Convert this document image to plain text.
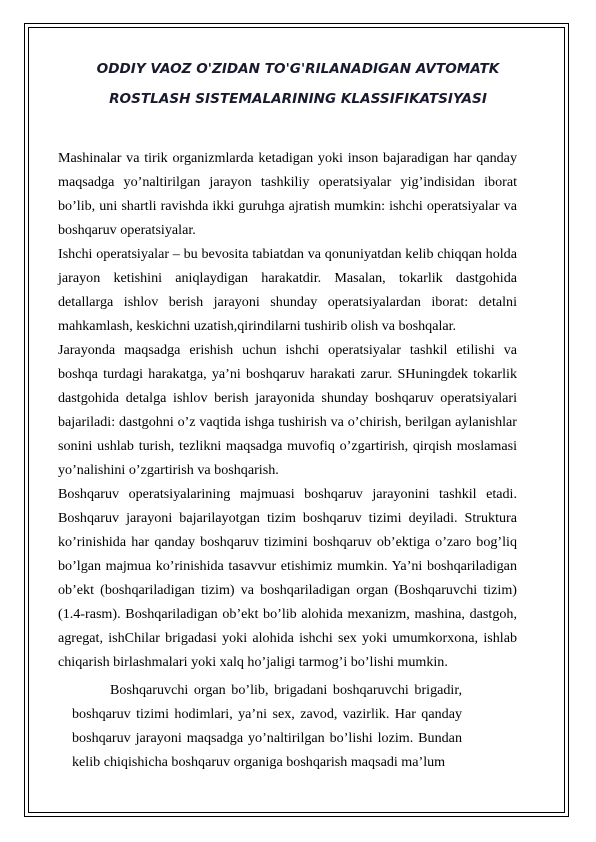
ODDIY VAOZ O'ZIDAN TO'G'RILANADIGAN AVTOMATK
ROSTLASH SISTEMALARINING KLASSIFIKATSIYASI

Mashinalar va tirik organizmlarda ketadigan yoki inson bajaradigan har qanday maqsadga yo’naltirilgan jarayon tashkiliy operatsiyalar yig’indisidan iborat bo’lib, uni shartli ravishda ikki guruhga ajratish mumkin: ishchi operatsiyalar va boshqaruv operatsiyalar.

Ishchi operatsiyalar – bu bevosita tabiatdan va qonuniyatdan kelib chiqqan holda jarayon ketishini aniqlaydigan harakatdir. Masalan, tokarlik dastgohida detallarga ishlov berish jarayoni shunday operatsiyalardan iborat: detalni mahkamlash, keskichni uzatish,qirindilarni tushirib olish va boshqalar.

Jarayonda maqsadga erishish uchun ishchi operatsiyalar tashkil etilishi va boshqa turdagi harakatga, ya’ni boshqaruv harakati zarur. SHuningdek tokarlik dastgohida detalga ishlov berish jarayonida shunday boshqaruv operatsiyalari bajariladi: dastgohni o’z vaqtida ishga tushirish va o’chirish, berilgan aylanishlar sonini ushlab turish, tezlikni maqsadga muvofiq o’zgartirish, qirqish moslamasi yo’nalishini o’zgartirish va boshqarish.

Boshqaruv operatsiyalarining majmuasi boshqaruv jarayonini tashkil etadi. Boshqaruv jarayoni bajarilayotgan tizim boshqaruv tizimi deyiladi. Struktura ko’rinishida har qanday boshqaruv tizimini boshqaruv ob’ektiga o’zaro bog’liq bo’lgan majmua ko’rinishida tasavvur etishimiz mumkin. Ya’ni boshqariladigan ob’ekt (boshqariladigan tizim) va boshqariladigan organ (Boshqaruvchi tizim) (1.4-rasm). Boshqariladigan ob’ekt bo’lib alohida mexanizm, mashina, dastgoh, agregat, ishChilar brigadasi yoki alohida ishchi sex yoki umumkorxona, ishlab chiqarish birlashmalari yoki xalq ho’jaligi tarmog’i bo’lishi mumkin.

Boshqaruvchi organ bo’lib, brigadani boshqaruvchi brigadir, boshqaruv tizimi hodimlari, ya’ni sex, zavod, vazirlik. Har qanday boshqaruv jarayoni maqsadga yo’naltirilgan bo’lishi lozim. Bundan kelib chiqishicha boshqaruv organiga boshqarish maqsadi ma’lum
